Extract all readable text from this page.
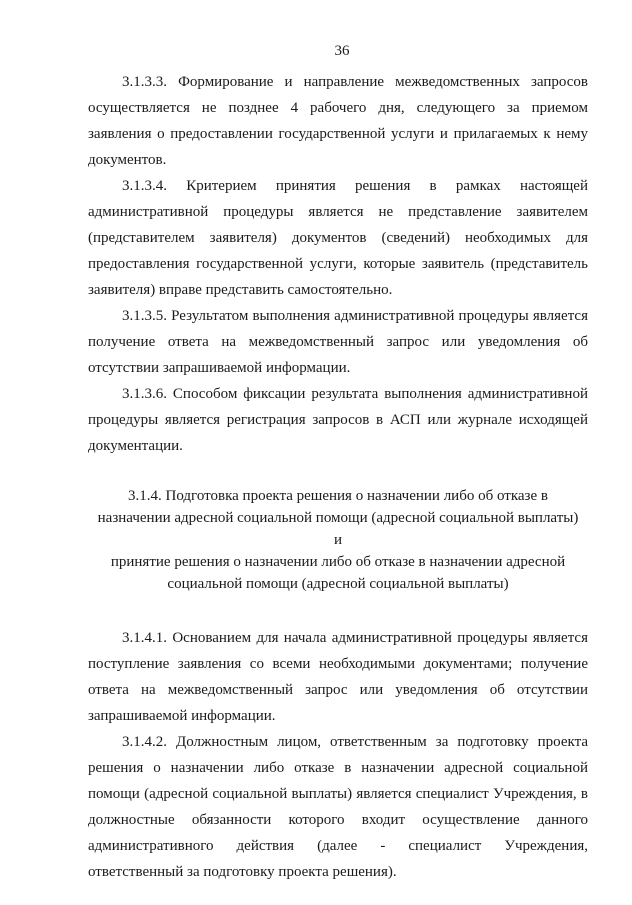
36

3.1.3.3. Формирование и направление межведомственных запросов осуществляется не позднее 4 рабочего дня, следующего за приемом заявления о предоставлении государственной услуги и прилагаемых к нему документов.

3.1.3.4. Критерием принятия решения в рамках настоящей административной процедуры является не представление заявителем (представителем заявителя) документов (сведений) необходимых для предоставления государственной услуги, которые заявитель (представитель заявителя) вправе представить самостоятельно.

3.1.3.5. Результатом выполнения административной процедуры является получение ответа на межведомственный запрос или уведомления об отсутствии запрашиваемой информации.

3.1.3.6. Способом фиксации результата выполнения административной процедуры является регистрация запросов в АСП или журнале исходящей документации.

3.1.4. Подготовка проекта решения о назначении либо об отказе в
назначении адресной социальной помощи (адресной социальной выплаты) и
принятие решения о назначении либо об отказе в назначении адресной
социальной помощи (адресной социальной выплаты)

3.1.4.1. Основанием для начала административной процедуры является поступление заявления со всеми необходимыми документами; получение ответа на межведомственный запрос или уведомления об отсутствии запрашиваемой информации.

3.1.4.2. Должностным лицом, ответственным за подготовку проекта решения о назначении либо отказе в назначении адресной социальной помощи (адресной социальной выплаты) является специалист Учреждения, в должностные обязанности которого входит осуществление данного административного действия (далее - специалист Учреждения, ответственный за подготовку проекта решения).
